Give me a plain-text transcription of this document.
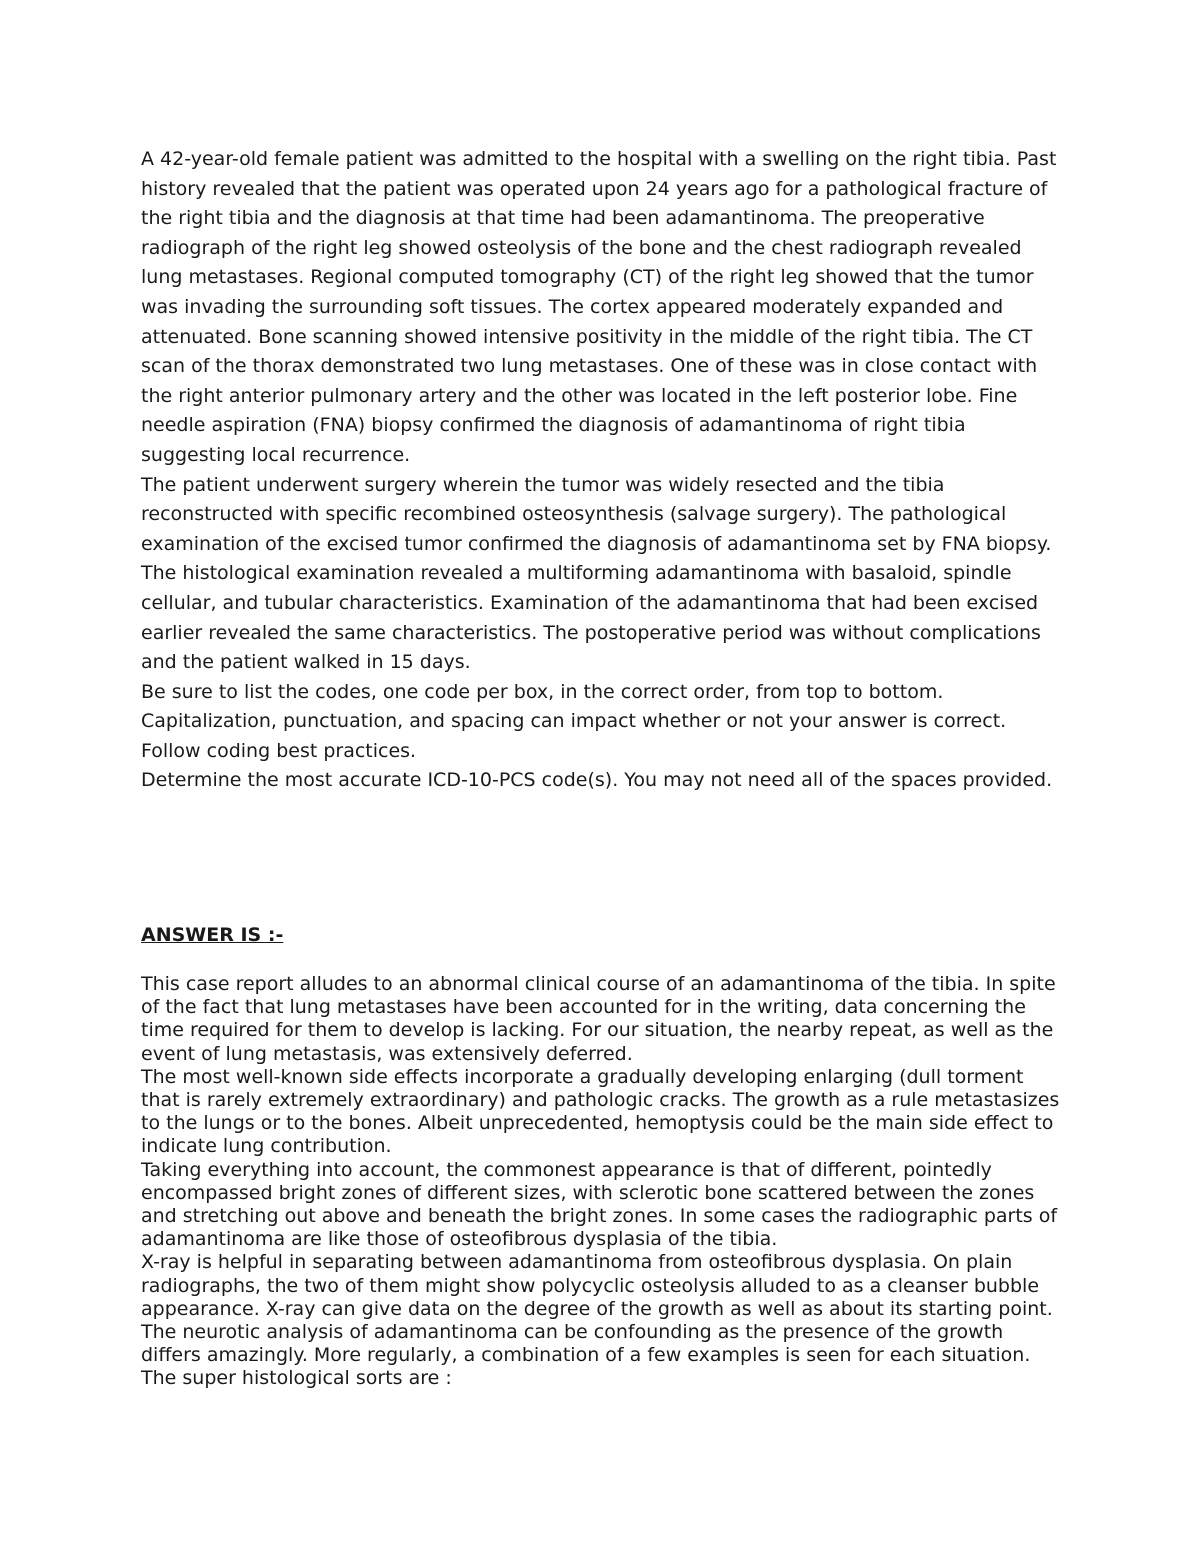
A 42-year-old female patient was admitted to the hospital with a swelling on the right tibia. Past history revealed that the patient was operated upon 24 years ago for a pathological fracture of the right tibia and the diagnosis at that time had been adamantinoma. The preoperative radiograph of the right leg showed osteolysis of the bone and the chest radiograph revealed lung metastases. Regional computed tomography (CT) of the right leg showed that the tumor was invading the surrounding soft tissues. The cortex appeared moderately expanded and attenuated. Bone scanning showed intensive positivity in the middle of the right tibia. The CT scan of the thorax demonstrated two lung metastases. One of these was in close contact with the right anterior pulmonary artery and the other was located in the left posterior lobe. Fine needle aspiration (FNA) biopsy confirmed the diagnosis of adamantinoma of right tibia suggesting local recurrence.

The patient underwent surgery wherein the tumor was widely resected and the tibia reconstructed with specific recombined osteosynthesis (salvage surgery). The pathological examination of the excised tumor confirmed the diagnosis of adamantinoma set by FNA biopsy. The histological examination revealed a multiforming adamantinoma with basaloid, spindle cellular, and tubular characteristics. Examination of the adamantinoma that had been excised earlier revealed the same characteristics. The postoperative period was without complications and the patient walked in 15 days.

Be sure to list the codes, one code per box, in the correct order, from top to bottom. Capitalization, punctuation, and spacing can impact whether or not your answer is correct. Follow coding best practices.

Determine the most accurate ICD-10-PCS code(s). You may not need all of the spaces provided.

ANSWER IS :-

This case report alludes to an abnormal clinical course of an adamantinoma of the tibia. In spite of the fact that lung metastases have been accounted for in the writing, data concerning the time required for them to develop is lacking. For our situation, the nearby repeat, as well as the event of lung metastasis, was extensively deferred.

The most well-known side effects incorporate a gradually developing enlarging (dull torment that is rarely extremely extraordinary) and pathologic cracks. The growth as a rule metastasizes to the lungs or to the bones. Albeit unprecedented, hemoptysis could be the main side effect to indicate lung contribution.

Taking everything into account, the commonest appearance is that of different, pointedly encompassed bright zones of different sizes, with sclerotic bone scattered between the zones and stretching out above and beneath the bright zones. In some cases the radiographic parts of adamantinoma are like those of osteofibrous dysplasia of the tibia.

X-ray is helpful in separating between adamantinoma from osteofibrous dysplasia. On plain radiographs, the two of them might show polycyclic osteolysis alluded to as a cleanser bubble appearance. X-ray can give data on the degree of the growth as well as about its starting point.

The neurotic analysis of adamantinoma can be confounding as the presence of the growth differs amazingly. More regularly, a combination of a few examples is seen for each situation.

The super histological sorts are :
